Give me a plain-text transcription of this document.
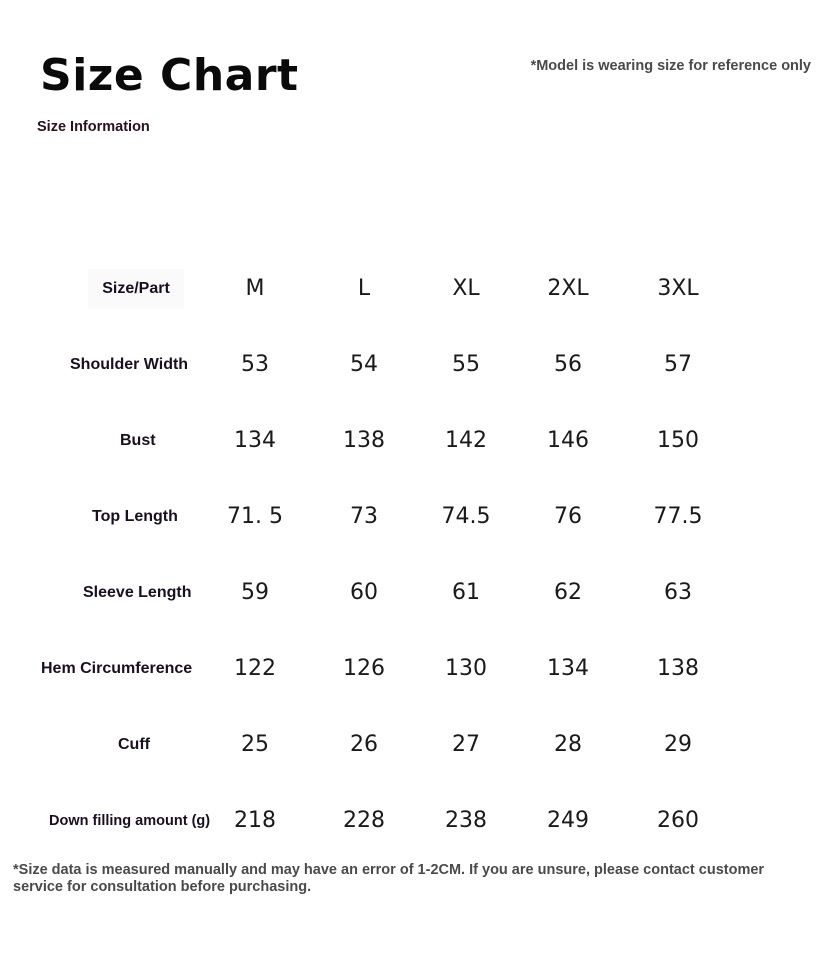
Size Chart	*Model is wearing size for reference only
Size Information
Size/Part	M	L	XL	2XL	3XL
Shoulder Width	53	54	55	56	57
Bust	134	138	142	146	150
Top Length	71. 5	73	74.5	76	77.5
Sleeve Length	59	60	61	62	63
Hem Circumference	122	126	130	134	138
Cuff	25	26	27	28	29
Down filling amount (g)	218	228	238	249	260
*Size data is measured manually and may have an error of 1-2CM. If you are unsure, please contact customer service for consultation before purchasing.
